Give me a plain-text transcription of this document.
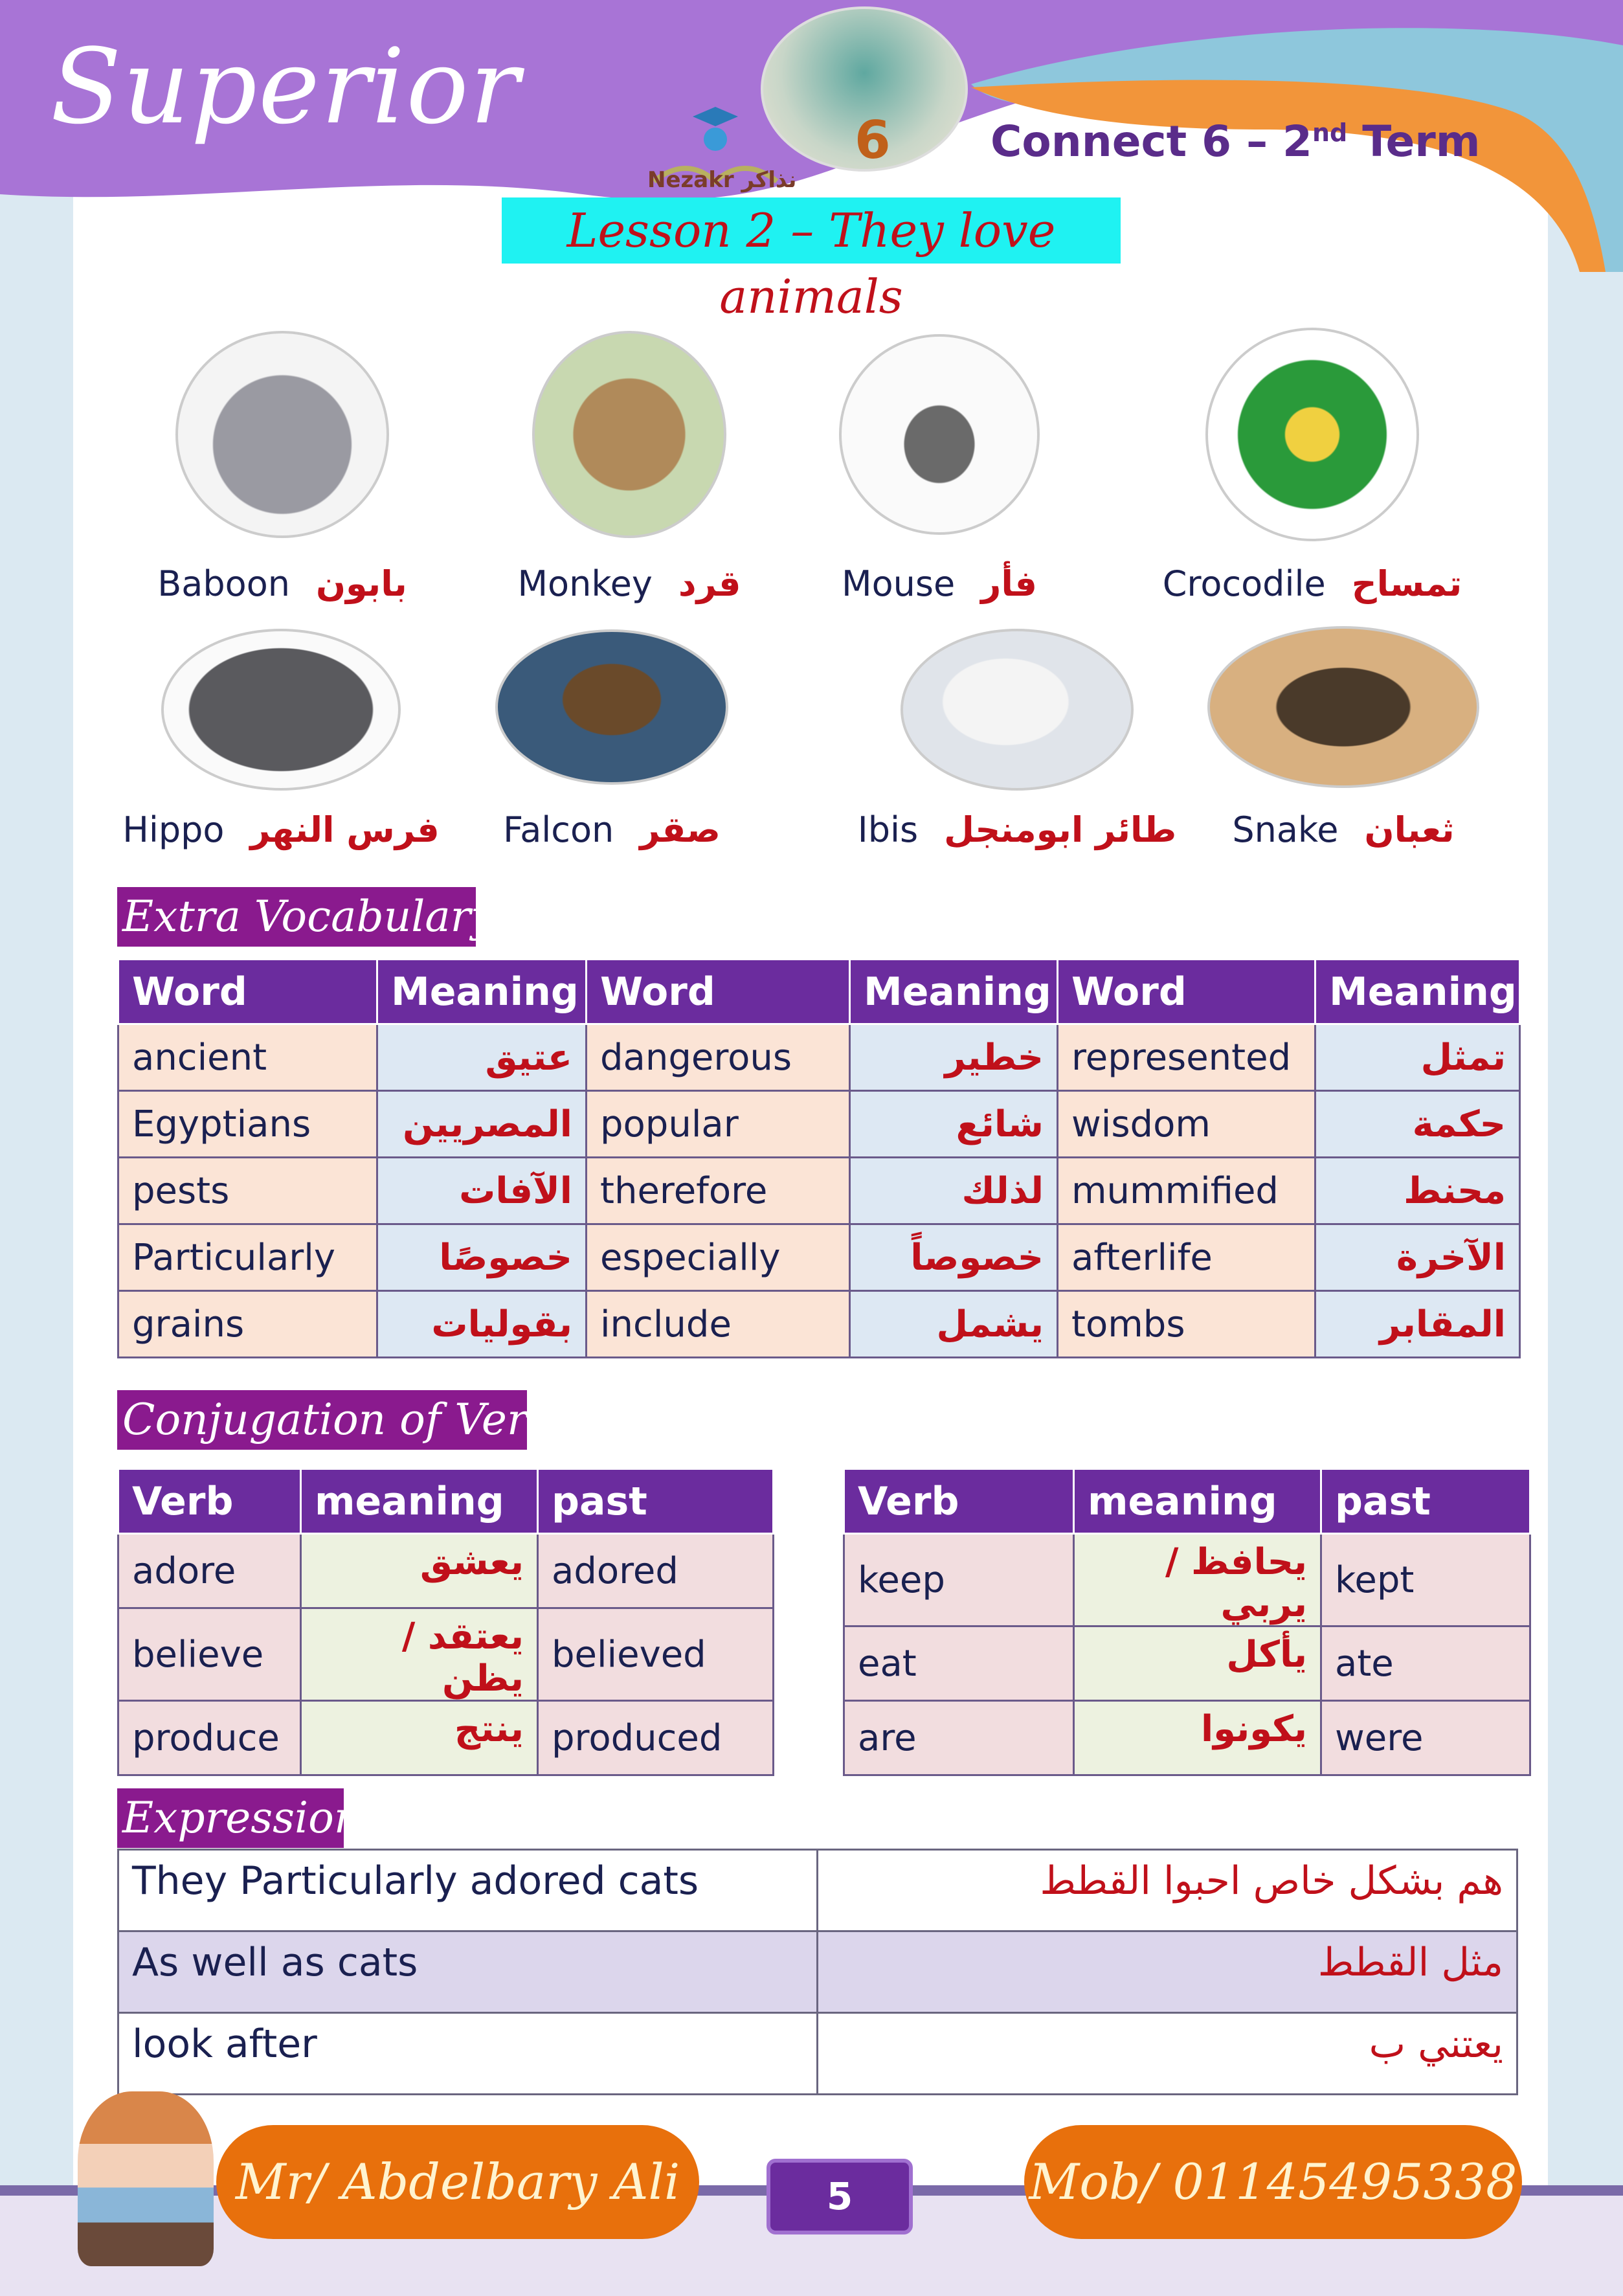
Superior	6
Nezakr نذاكر
Connect 6 – 2nd Term
Lesson 2 – They love animals
Baboon بابون	Monkey قرد	Mouse فأر	Crocodile تمساح
Hippo فرس النهر Falcon صقر	Ibis طائر ابومنجل Snake ثعبان
Extra Vocabulary:
Word	Meaning	Word	Meaning	Word	Meaning
ancient	عتيق	dangerous	خطير	represented	تمثل
Egyptians	المصريين	popular	شائع	wisdom	حكمة
pests	الآفات	therefore	لذلك	mummified	محنط
Particularly	خصوصًا	especially	خصوصاً	afterlife	الآخرة
grains	بقوليات	include	يشمل	tombs	المقابر
Conjugation of Verbs
Verb	meaning	past
adore	يعشق	adored
believe	يعتقد / يظن	believed
produce	ينتج	produced
Verb	meaning	past
keep	يحافظ / يربي	kept
eat	يأكل	ate
are	يكونوا	were
Expressions
They Particularly adored cats	هم بشكل خاص احبوا القطط
As well as cats	مثل القطط
look after	يعتني ب
Mr/ Abdelbary Ali	5	Mob/ 01145495338
